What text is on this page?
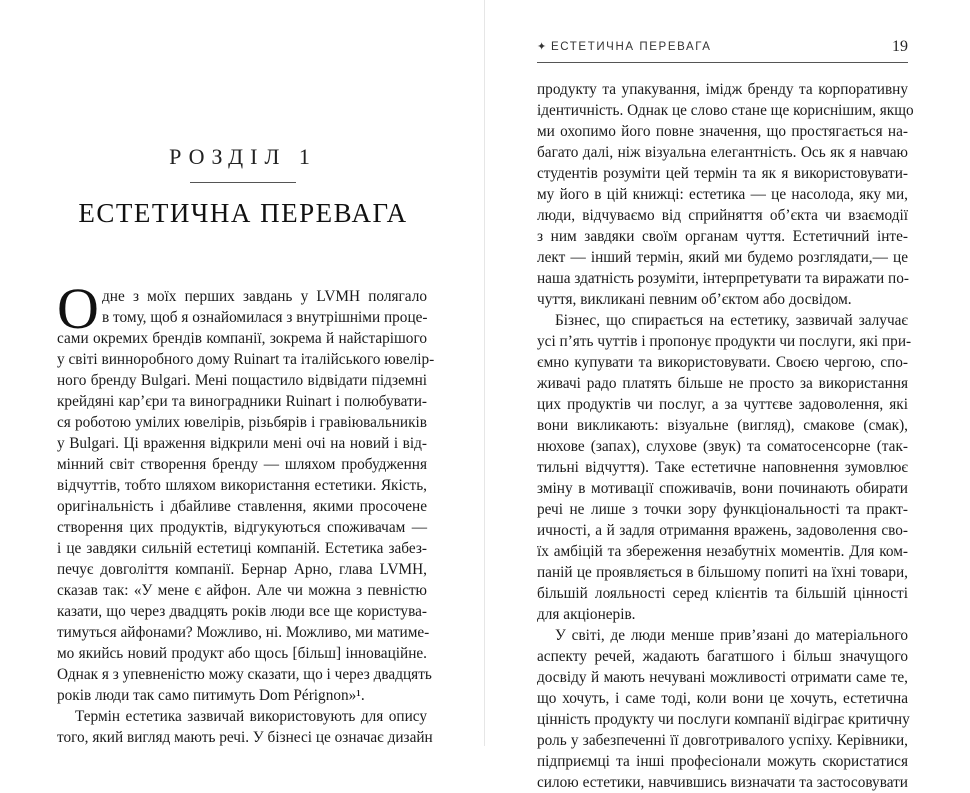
РОЗДІЛ 1
ЕСТЕТИЧНА ПЕРЕВАГА
О дне з моїх перших завдань у LVMH полягало
в тому, щоб я ознайомилася з внутрішніми проце-
сами окремих брендів компанії, зокрема й найстарішого
у світі винноробного дому Ruinart та італійського ювелір-
ного бренду Bulgari. Мені пощастило відвідати підземні
крейдяні кар’єри та виноградники Ruinart і полюбувати-
ся роботою умілих ювелірів, різьбярів і гравіювальників
у Bulgari. Ці враження відкрили мені очі на новий і від-
мінний світ створення бренду — шляхом пробудження
відчуттів, тобто шляхом використання естетики. Якість,
оригінальність і дбайливе ставлення, якими просочене
створення цих продуктів, відгукуються споживачам —
і це завдяки сильній естетиці компаній. Естетика забез-
печує довголіття компанії. Бернар Арно, глава LVMH,
сказав так: «У мене є айфон. Але чи можна з певністю
казати, що через двадцять років люди все ще користува-
тимуться айфонами? Можливо, ні. Можливо, ми матиме-
мо якийсь новий продукт або щось [більш] інноваційне.
Однак я з упевненістю можу сказати, що і через двадцять
років люди так само питимуть Dom Pérignon»¹.
Термін естетика зазвичай використовують для опису
того, який вигляд мають речі. У бізнесі це означає дизайн
✦ ЕСТЕТИЧНА ПЕРЕВАГА	19
продукту та упакування, імідж бренду та корпоративну
ідентичність. Однак це слово стане ще кориснішим, якщо
ми охопимо його повне значення, що простягається на-
багато далі, ніж візуальна елегантність. Ось як я навчаю
студентів розуміти цей термін та як я використовувати-
му його в цій книжці: естетика — це насолода, яку ми,
люди, відчуваємо від сприйняття об’єкта чи взаємодії
з ним завдяки своїм органам чуття. Естетичний інте-
лект — інший термін, який ми будемо розглядати,— це
наша здатність розуміти, інтерпретувати та виражати по-
чуття, викликані певним об’єктом або досвідом.
Бізнес, що спирається на естетику, зазвичай залучає
усі п’ять чуттів і пропонує продукти чи послуги, які при-
ємно купувати та використовувати. Своєю чергою, спо-
живачі радо платять більше не просто за використання
цих продуктів чи послуг, а за чуттєве задоволення, які
вони викликають: візуальне (вигляд), смакове (смак),
нюхове (запах), слухове (звук) та соматосенсорне (так-
тильні відчуття). Таке естетичне наповнення зумовлює
зміну в мотивації споживачів, вони починають обирати
речі не лише з точки зору функціональності та практ-
ичності, а й задля отримання вражень, задоволення сво-
їх амбіцій та збереження незабутніх моментів. Для ком-
паній це проявляється в більшому попиті на їхні товари,
більшій лояльності серед клієнтів та більшій цінності
для акціонерів.
У світі, де люди менше прив’язані до матеріального
аспекту речей, жадають багатшого і більш значущого
досвіду й мають нечувані можливості отримати саме те,
що хочуть, і саме тоді, коли вони це хочуть, естетична
цінність продукту чи послуги компанії відіграє критичну
роль у забезпеченні її довготривалого успіху. Керівники,
підприємці та інші професіонали можуть скористатися
силою естетики, навчившись визначати та застосовувати
